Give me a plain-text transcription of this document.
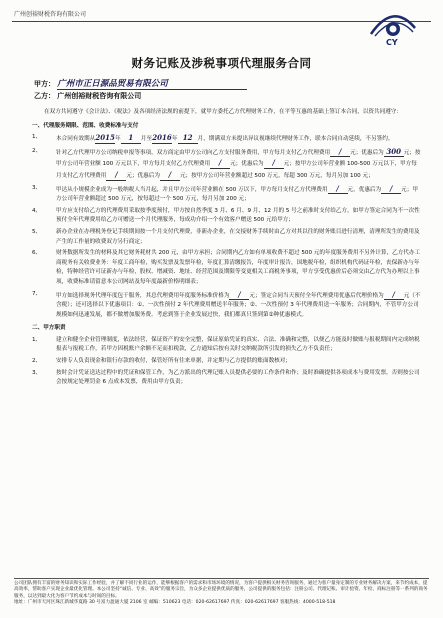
广州创裕财税咨询有限公司
CY
财务记账及涉税事项代理服务合同
甲方： 广州市正日源品贸易有限公司
乙方： 广州创裕财税咨询有限公司

在双方共同遵守《会计法》、《税法》及各项经济法规的前提下，就甲方委托乙方代理财务工作，在平等互惠的基础上签订本合同，以资共同遵守：

一、代理服务期限、范围、收费标准与支付
1、	本合同有效期从2015年 1 月至2016年 12 月，期满双方未提出异议视继续代理财务工作，联本合同自动延续，不另签约。
2、	针对乙方代理甲方公司纳税申报等事项，双方商定由甲方公司向乙方支付服务费用，甲方每月支付乙方代理费用 / 元；优惠后为 300 元；按甲方公司年营业额 100 万元以下，甲方每月支付乙方代理费用 / 元；优惠后为 / 元；按甲方公司年营业额 100-500 万元以下，甲方每月支付乙方代理费用 / 元；优惠后为 / 元；按甲方公司年营业额超过 500 万元，每超 300 万元，每月另加 100 元；
3、	甲达从小规模企业成为一般纳税人当月起，并且甲方公司年营业额在 500 万以下，甲方每月支付乙方代理费用 / 元，优惠后为 / 元；甲方公司年营业额超过 500 万元，按每超过一个 500 万元，每月另加 200 元；
4、	甲方应支付给乙方的代理费用采取按季度预付，甲方按自然季度 3 月、6 月、9 月、12 月的 5 号之前准时支付给乙方，如甲方签定合同为不一次性预付全年代理费用给乙方可赠送一个月代理服务，每成功介绍一个有效客户赠送 500 元给甲方；
5、	新办企业在办理税务登记手续期间按一个月支付代理费，非新办企业，在交接财务手续时由乙方对其以往的财务账目进行清理，清理所发生的费用及产生的工作量的收费双方另行商定；
6、	财务数据所发生的材料及其它财务耗材共 200 元，由甲方承担；合同期内乙方如有单项收费不超过 500 元的年度服务费用不另外计算，乙方代办工商税务有关收费业务：年度工商年检，购买发票及发票年检，年度汇算清缴报告，年度审计报告，国地税年检，组织机构代码证年检，丧保新办与年检，特种经营许可证新办与年检，股权、增减资、地址、经营范围及期限等变更相关工商税务事项，甲方享受优惠价后必须交由乙方代为办理以上事项，收费标准请留意本公司网站及每年度最新价格明细表；
7、	甲方如选择现务代理年度包干服务，其总代理费用年度服务标准价格为 / 元；签定合同当天预付全年代理费用优惠后代理价格为 / 元（不含税）；还可选择以下优惠项目：①、一次性预付 2 年代理费用赠送半年服务；②、一次性预付 3 年代理费用送一年服务；合同期内，不管甲方公司规模如何迅速发展，都不做增加服务费。考虑到签于企业发展过快，我们都真只签到第②种优惠模式。
二、甲方职责
1、	建立和健全企业管理制度，依法经营，保证资产的安全完整，保证原始凭证的真实、合法、准确和完整，以便乙方能及时做账与报税期间内完成纳税报表与报税工作，若甲方因税账户余额不足而扣税款，乙方通知后按有关时交纳税款所引发的损失乙方不负责任；
2、	安排专人负责现金和银行存款的收付，保管好所有往来单据，并定期与乙方提供的账面数核对；
3、	按时会计凭证送达过程中的凭证和保管工作，为乙方派出的代理记账人员提供必要的工作条件和作；及时准确提供各项成本与费用发票，否则按公司会按规定处理罚金 6 点成本发票，费用由甲方负责；
公司团队拥有丰富的财务知识和实际工作经验，并了解不同行业的运作，能够根据客户的需求和市场环境的情况，为客户提供相关财务咨询服务，通过为客户量身定制的专业财务解决方案，来节约成本，提高效率，帮助客户实现企业最优化管理。本公司坚持“诚信、专业、高效”的服务宗旨，为众多企业提供优质的服务，公司提供的服务包括：注册公司、代理记账、审计验资、年检、商标注册等一系列的商务服务，以达到最大化为客户节约成本与时间的目标。
地址：广州市天河区珠江新城华夏路 30 号富力盈通大厦 2106 室 邮编：510623 电话：020-62617697 传真：020-62617697 客服热线：4000-518-518
